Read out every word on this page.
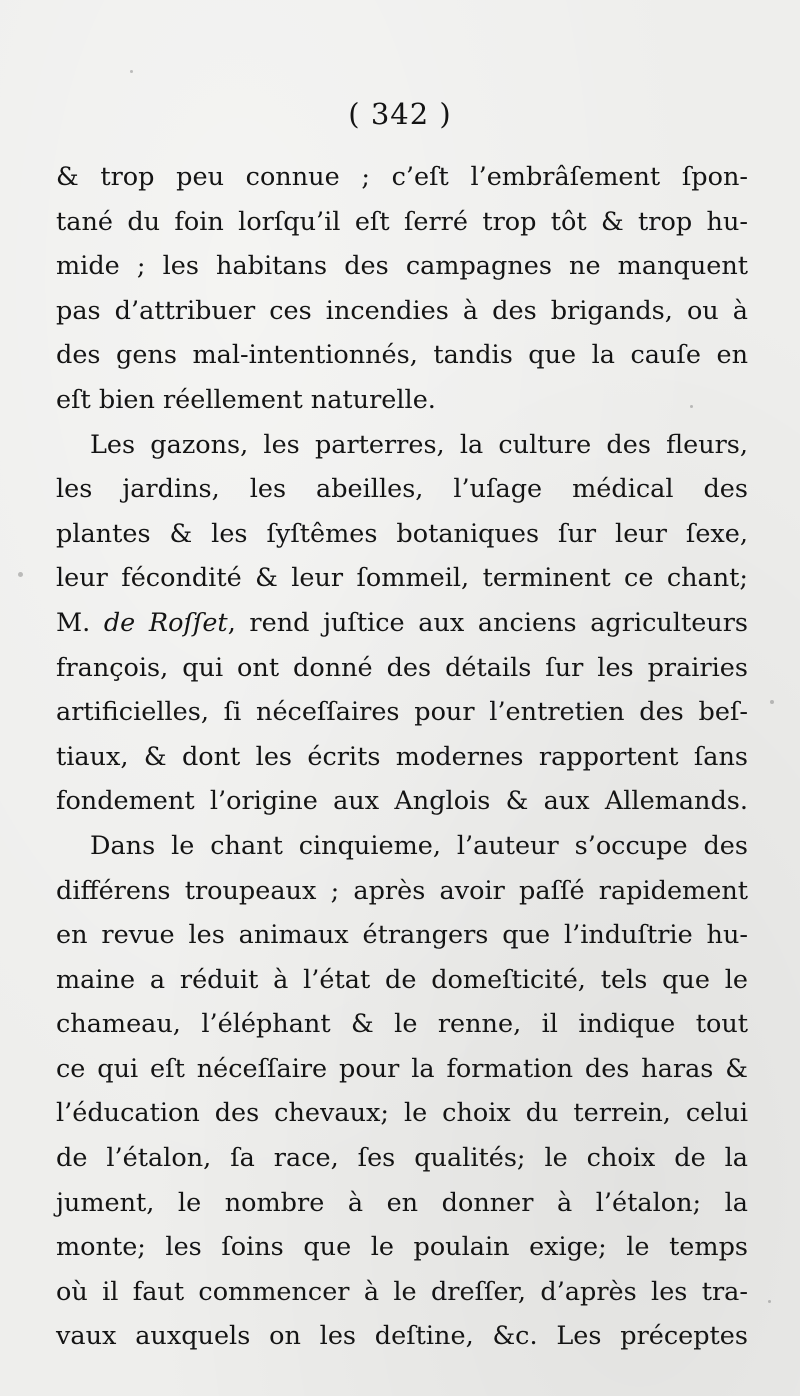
( 342 )
& trop peu connue ; c’eſt l’embrâſement ſpon-
tané du foin lorſqu’il eſt ſerré trop tôt & trop hu-
mide ; les habitans des campagnes ne manquent
pas d’attribuer ces incendies à des brigands, ou à
des gens mal-intentionnés, tandis que la cauſe en
eſt bien réellement naturelle.
Les gazons, les parterres, la culture des fleurs,
les jardins, les abeilles, l’uſage médical des
plantes & les ſyſtêmes botaniques ſur leur ſexe,
leur fécondité & leur ſommeil, terminent ce chant;
M. de Roſſet, rend juſtice aux anciens agriculteurs
françois, qui ont donné des détails ſur les prairies
artificielles, ſi néceſſaires pour l’entretien des beſ-
tiaux, & dont les écrits modernes rapportent ſans
fondement l’origine aux Anglois & aux Allemands.
Dans le chant cinquieme, l’auteur s’occupe des
différens troupeaux ; après avoir paſſé rapidement
en revue les animaux étrangers que l’induſtrie hu-
maine a réduit à l’état de domeſticité, tels que le
chameau, l’éléphant & le renne, il indique tout
ce qui eſt néceſſaire pour la formation des haras &
l’éducation des chevaux; le choix du terrein, celui
de l’étalon, ſa race, ſes qualités; le choix de la
jument, le nombre à en donner à l’étalon; la
monte; les ſoins que le poulain exige; le temps
où il faut commencer à le dreſſer, d’après les tra-
vaux auxquels on les deſtine, &c. Les préceptes
